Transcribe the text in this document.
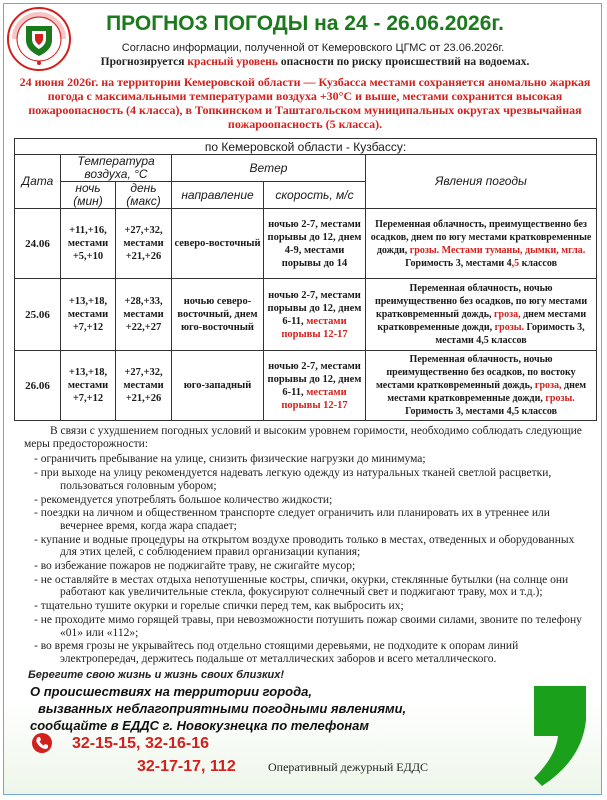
ПРОГНОЗ ПОГОДЫ на 24 - 26.06.2026г.
Согласно информации, полученной от Кемеровского ЦГМС от 23.06.2026г.
Прогнозируется красный уровень опасности по риску происшествий на водоемах.
24 июня 2026г. на территории Кемеровской области — Кузбасса местами сохраняется аномально жаркая погода с максимальными температурами воздуха +30°С и выше, местами сохранится высокая пожароопасность (4 класса), в Топкинском и Таштагольском муниципальных округах чрезвычайная пожароопасность (5 класса).
по Кемеровской области - Кузбассу:					
Дата	Температура воздуха, °С		Ветер		Явления погоды
	ночь (мин)	день (макс)	направление	скорость, м/с	
24.06	+11,+16, местами +5,+10	+27,+32, местами +21,+26	северо-восточный	ночью 2-7, местами порывы до 12, днем 4-9, местами порывы до 14	Переменная облачность, преимущественно без осадков, днем по югу местами кратковременные дожди, грозы. Местами туманы, дымки, мгла. Горимость 3, местами 4,5 классов
25.06	+13,+18, местами +7,+12	+28,+33, местами +22,+27	ночью северо-восточный, днем юго-восточный	ночью 2-7, местами порывы до 12, днем 6-11, местами порывы 12-17	Переменная облачность, ночью преимущественно без осадков, по югу местами кратковременный дождь, гроза, днем местами кратковременные дожди, грозы. Горимость 3, местами 4,5 классов
26.06	+13,+18, местами +7,+12	+27,+32, местами +21,+26	юго-западный	ночью 2-7, местами порывы до 12, днем 6-11, местами порывы 12-17	Переменная облачность, ночью преимущественно без осадков, по востоку местами кратковременный дождь, гроза, днем местами кратковременные дожди, грозы. Горимость 3, местами 4,5 классов
В связи с ухудшением погодных условий и высоким уровнем горимости, необходимо соблюдать следующие меры предосторожности:
- ограничить пребывание на улице, снизить физические нагрузки до минимума;
- при выходе на улицу рекомендуется надевать легкую одежду из натуральных тканей светлой расцветки, пользоваться головным убором;
- рекомендуется употреблять большое количество жидкости;
- поездки на личном и общественном транспорте следует ограничить или планировать их в утреннее или вечернее время, когда жара спадает;
- купание и водные процедуры на открытом воздухе проводить только в местах, отведенных и оборудованных для этих целей, с соблюдением правил организации купания;
- во избежание пожаров не поджигайте траву, не сжигайте мусор;
- не оставляйте в местах отдыха непотушенные костры, спички, окурки, стеклянные бутылки (на солнце они работают как увеличительные стекла, фокусируют солнечный свет и поджигают траву, мох и т.д.);
- тщательно тушите окурки и горелые спички перед тем, как выбросить их;
- не проходите мимо горящей травы, при невозможности потушить пожар своими силами, звоните по телефону «01» или «112»;
- во время грозы не укрывайтесь под отдельно стоящими деревьями, не подходите к опорам линий электропередач, держитесь подальше от металлических заборов и всего металлического.
Берегите свою жизнь и жизнь своих близких!
О происшествиях на территории города,
вызванных неблагоприятными погодными явлениями,
сообщайте в ЕДДС г. Новокузнецка по телефонам
32-15-15, 32-16-16
32-17-17, 112	Оперативный дежурный ЕДДС
